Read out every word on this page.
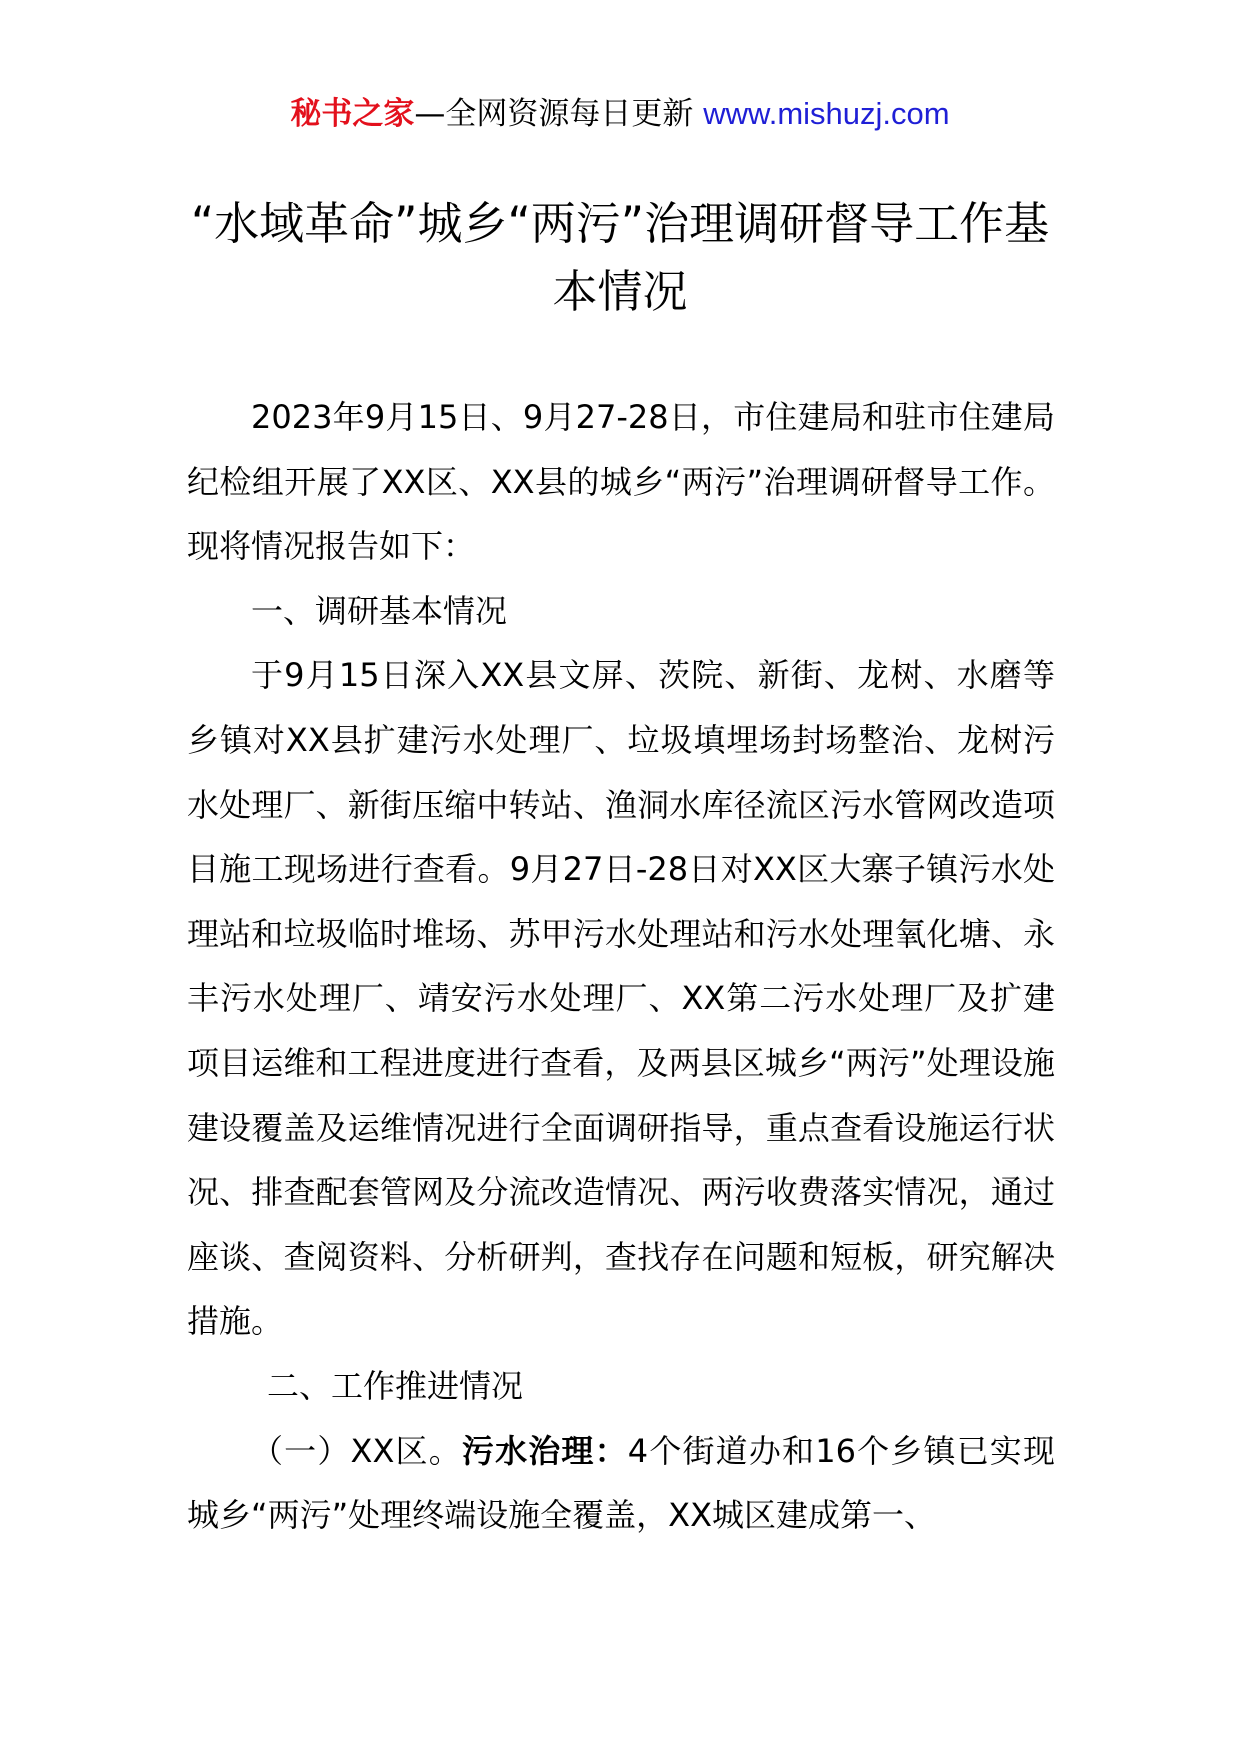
秘书之家—全网资源每日更新 www.mishuzj.com
“水域革命”城乡“两污”治理调研督导工作基本情况

2023年9月15日、9月27-28日，市住建局和驻市住建局纪检组开展了XX区、XX县的城乡“两污”治理调研督导工作。现将情况报告如下：

一、调研基本情况

于9月15日深入XX县文屏、茨院、新街、龙树、水磨等乡镇对XX县扩建污水处理厂、垃圾填埋场封场整治、龙树污水处理厂、新街压缩中转站、渔洞水库径流区污水管网改造项目施工现场进行查看。9月27日-28日对XX区大寨子镇污水处理站和垃圾临时堆场、苏甲污水处理站和污水处理氧化塘、永丰污水处理厂、靖安污水处理厂、XX第二污水处理厂及扩建项目运维和工程进度进行查看，及两县区城乡“两污”处理设施建设覆盖及运维情况进行全面调研指导，重点查看设施运行状况、排查配套管网及分流改造情况、两污收费落实情况，通过座谈、查阅资料、分析研判，查找存在问题和短板，研究解决措施。

二、工作推进情况

（一）XX区。污水治理：4个街道办和16个乡镇已实现城乡“两污”处理终端设施全覆盖，XX城区建成第一、
